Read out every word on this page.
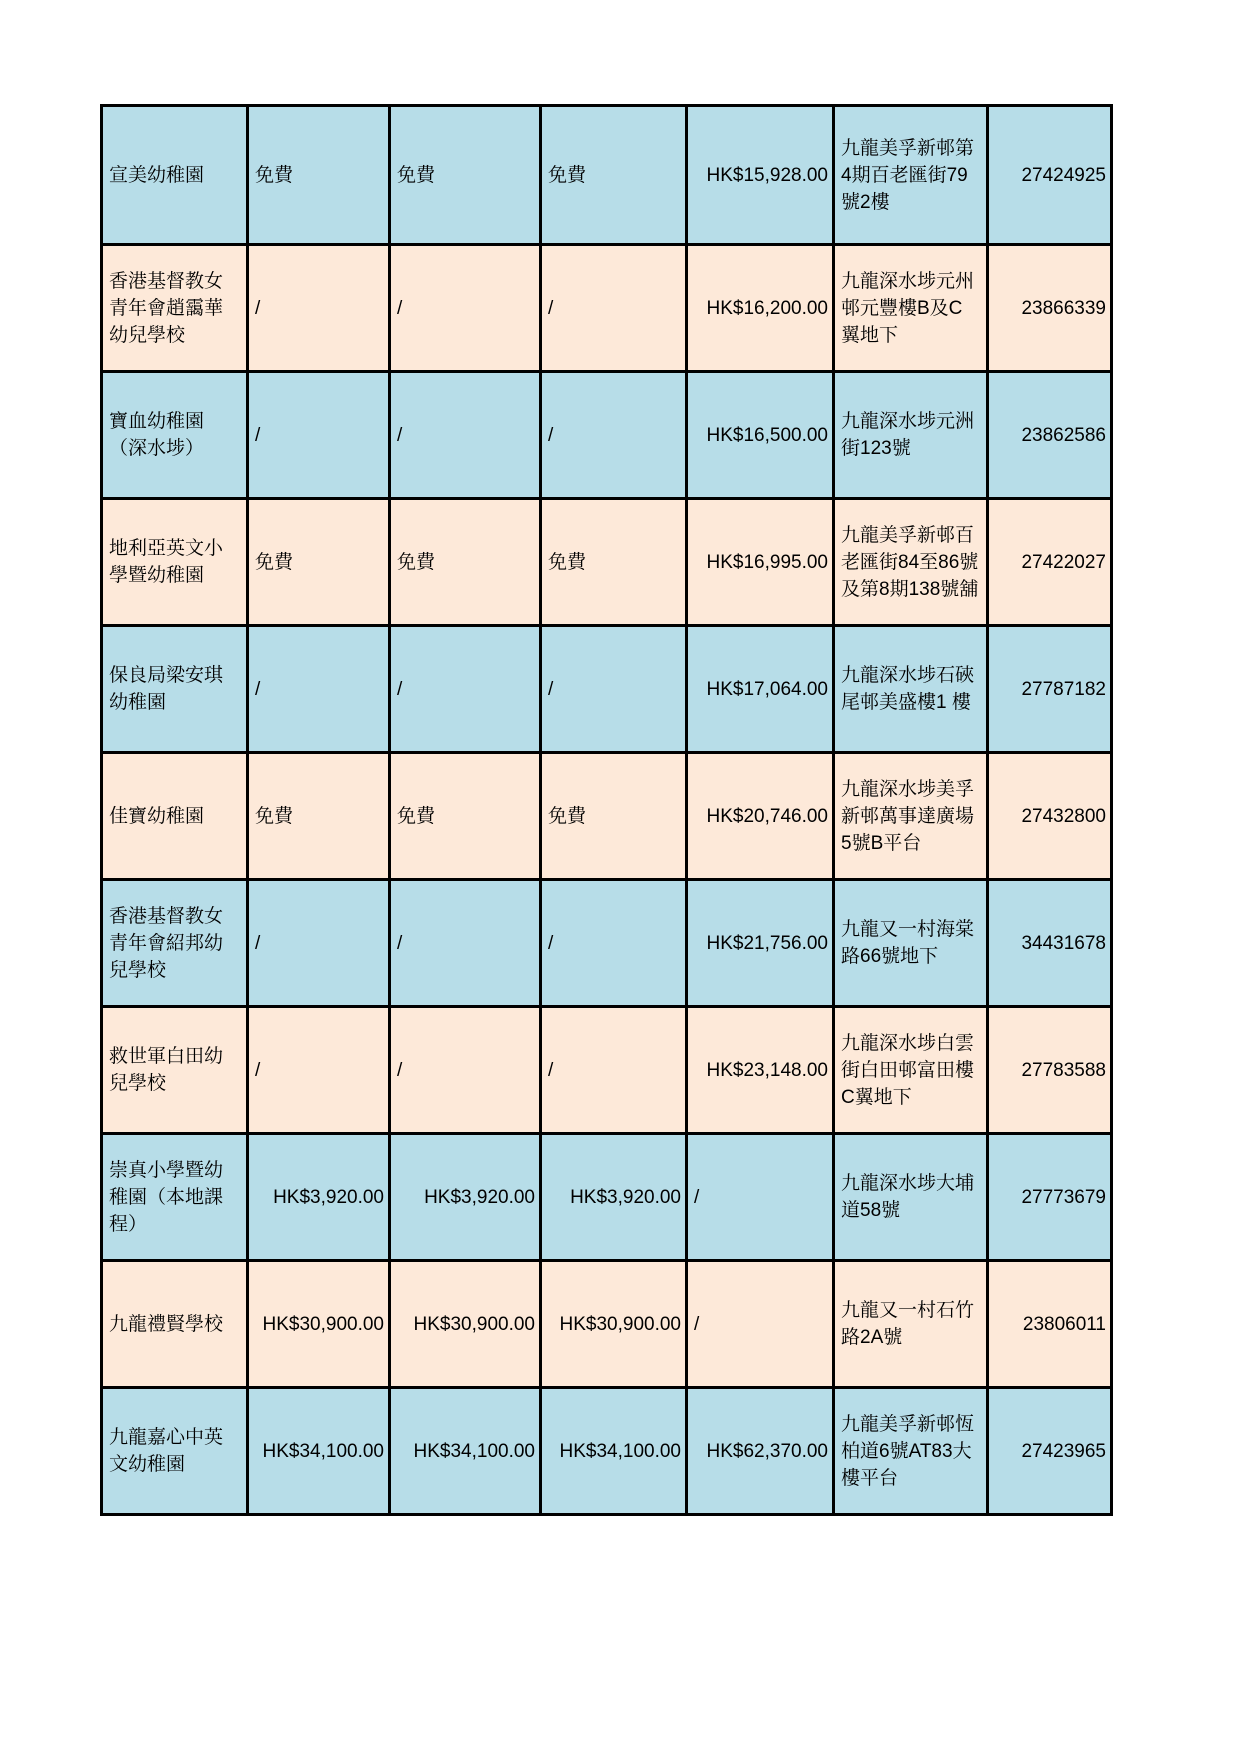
宣美幼稚園	免費	免費	免費	HK$15,928.00	九龍美孚新邨第4期百老匯街79號2樓	27424925
香港基督教女青年會趙靄華幼兒學校	/	/	/	HK$16,200.00	九龍深水埗元州邨元豐樓B及C翼地下	23866339
寶血幼稚園（深水埗）	/	/	/	HK$16,500.00	九龍深水埗元洲街123號	23862586
地利亞英文小學暨幼稚園	免費	免費	免費	HK$16,995.00	九龍美孚新邨百老匯街84至86號 及第8期138號舖	27422027
保良局梁安琪幼稚園	/	/	/	HK$17,064.00	九龍深水埗石硤尾邨美盛樓1 樓	27787182
佳寶幼稚園	免費	免費	免費	HK$20,746.00	九龍深水埗美孚新邨萬事達廣場5號B平台	27432800
香港基督教女青年會紹邦幼兒學校	/	/	/	HK$21,756.00	九龍又一村海棠路66號地下	34431678
救世軍白田幼兒學校	/	/	/	HK$23,148.00	九龍深水埗白雲街白田邨富田樓C翼地下	27783588
崇真小學暨幼稚園（本地課程）	HK$3,920.00	HK$3,920.00	HK$3,920.00	/	九龍深水埗大埔道58號	27773679
九龍禮賢學校	HK$30,900.00	HK$30,900.00	HK$30,900.00	/	九龍又一村石竹路2A號	23806011
九龍嘉心中英文幼稚園	HK$34,100.00	HK$34,100.00	HK$34,100.00	HK$62,370.00	九龍美孚新邨恆柏道6號AT83大樓平台	27423965
